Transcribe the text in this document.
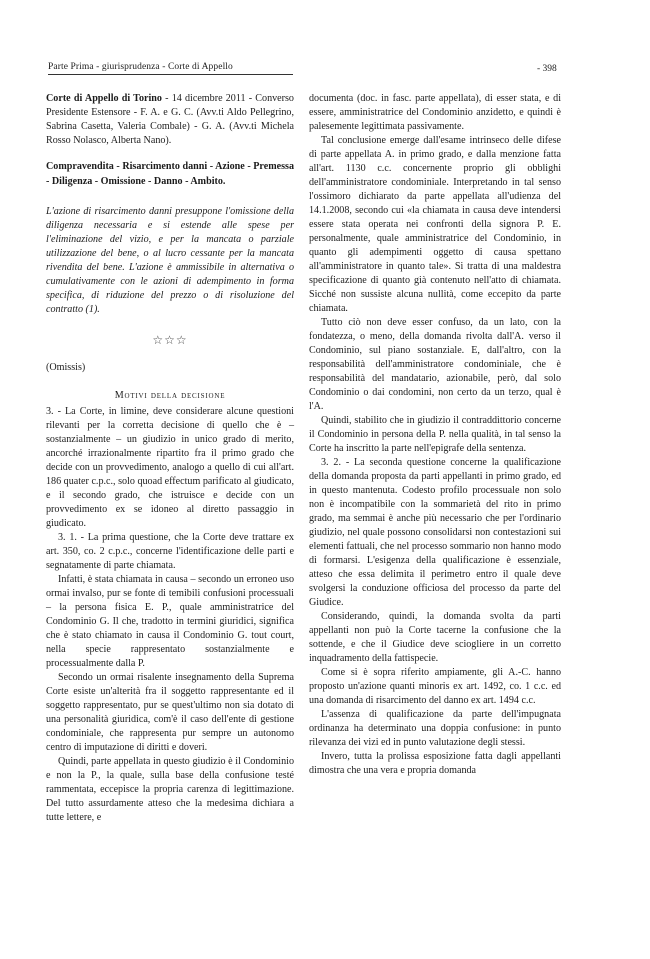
Parte Prima - giurisprudenza - Corte di Appello	- 398

Corte di Appello di Torino - 14 dicembre 2011 - Converso Presidente Estensore - F. A. e G. C. (Avv.ti Aldo Pellegrino, Sabrina Casetta, Valeria Combale) - G. A. (Avv.ti Michela Rosso Nolasco, Alberta Nano).

Compravendita - Risarcimento danni - Azione - Premessa - Diligenza - Omissione - Danno - Ambito.

L'azione di risarcimento danni presuppone l'omissione della diligenza necessaria e si estende alle spese per l'eliminazione del vizio, e per la mancata o parziale utilizzazione del bene, o al lucro cessante per la mancata rivendita del bene. L'azione è ammissibile in alternativa o cumulativamente con le azioni di adempimento in forma specifica, di riduzione del prezzo o di risoluzione del contratto (1).

☆☆☆

(Omissis)

Motivi della decisione

3. - La Corte, in limine, deve considerare alcune questioni rilevanti per la corretta decisione di quello che è – sostanzialmente – un giudizio in unico grado di merito, ancorché irrazionalmente ripartito fra il primo grado che decide con un provvedimento, analogo a quello di cui all'art. 186 quater c.p.c., solo quoad effectum parificato al giudicato, e il secondo grado, che istruisce e decide con un provvedimento ex se idoneo al diretto passaggio in giudicato.

3. 1. - La prima questione, che la Corte deve trattare ex art. 350, co. 2 c.p.c., concerne l'identificazione delle parti e segnatamente di parte chiamata.

Infatti, è stata chiamata in causa – secondo un erroneo uso ormai invalso, pur se fonte di temibili confusioni processuali – la persona fisica E. P., quale amministratrice del Condominio G. Il che, tradotto in termini giuridici, significa che è stato chiamato in causa il Condominio G. tout court, nella specie rappresentato sostanzialmente e processualmente dalla P.

Secondo un ormai risalente insegnamento della Suprema Corte esiste un'alterità fra il soggetto rappresentante ed il soggetto rappresentato, pur se quest'ultimo non sia dotato di una personalità giuridica, com'è il caso dell'ente di gestione condominiale, che rappresenta pur sempre un autonomo centro di imputazione di diritti e doveri.

Quindi, parte appellata in questo giudizio è il Condominio e non la P., la quale, sulla base della confusione testé rammentata, eccepisce la propria carenza di legittimazione. Del tutto assurdamente atteso che la medesima dichiara a tutte lettere, e

documenta (doc. in fasc. parte appellata), di esser stata, e di essere, amministratrice del Condominio anzidetto, e quindi è palesemente legittimata passivamente.

Tal conclusione emerge dall'esame intrinseco delle difese di parte appellata A. in primo grado, e dalla menzione fatta all'art. 1130 c.c. concernente proprio gli obblighi dell'amministratore condominiale. Interpretando in tal senso l'ossimoro dichiarato da parte appellata all'udienza del 14.1.2008, secondo cui «la chiamata in causa deve intendersi essere stata operata nei confronti della signora P. E. personalmente, quale amministratrice del Condominio, in quanto gli adempimenti oggetto di causa spettano all'amministratore in quanto tale». Si tratta di una maldestra specificazione di quanto già contenuto nell'atto di chiamata. Sicché non sussiste alcuna nullità, come eccepito da parte chiamata.

Tutto ciò non deve esser confuso, da un lato, con la fondatezza, o meno, della domanda rivolta dall'A. verso il Condominio, sul piano sostanziale. E, dall'altro, con la responsabilità dell'amministratore condominiale, che è responsabilità del mandatario, azionabile, però, dal solo Condominio o dai condomini, non certo da un terzo, qual è l'A.

Quindi, stabilito che in giudizio il contraddittorio concerne il Condominio in persona della P. nella qualità, in tal senso la Corte ha inscritto la parte nell'epigrafe della sentenza.

3. 2. - La seconda questione concerne la qualificazione della domanda proposta da parti appellanti in primo grado, ed in questo mantenuta. Codesto profilo processuale non solo non è incompatibile con la sommarietà del rito in primo grado, ma semmai è anche più necessario che per l'ordinario giudizio, nel quale possono consolidarsi non contestazioni sui elementi fattuali, che nel processo sommario non hanno modo di formarsi. L'esigenza della qualificazione è essenziale, atteso che essa delimita il perimetro entro il quale deve svolgersi la conduzione officiosa del processo da parte del Giudice.

Considerando, quindi, la domanda svolta da parti appellanti non può la Corte tacerne la confusione che la sottende, e che il Giudice deve sciogliere in un corretto inquadramento della fattispecie.

Come si è sopra riferito ampiamente, gli A.-C. hanno proposto un'azione quanti minoris ex art. 1492, co. 1 c.c. ed una domanda di risarcimento del danno ex art. 1494 c.c.

L'assenza di qualificazione da parte dell'impugnata ordinanza ha determinato una doppia confusione: in punto rilevanza dei vizi ed in punto valutazione degli stessi.

Invero, tutta la prolissa esposizione fatta dagli appellanti dimostra che una vera e propria domanda
